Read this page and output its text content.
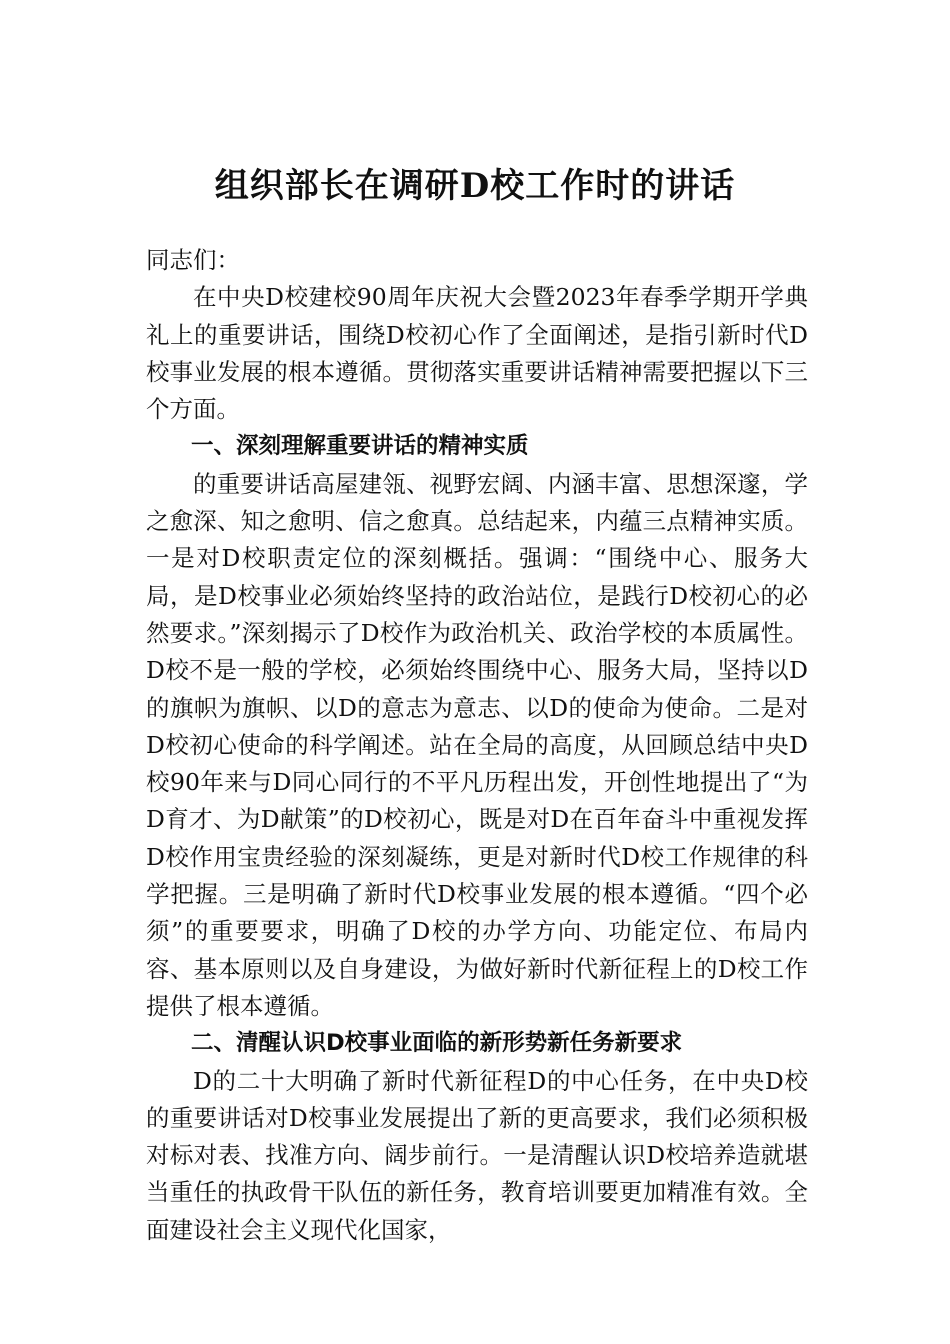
组织部长在调研D校工作时的讲话

同志们：

在中央D校建校90周年庆祝大会暨2023年春季学期开学典礼上的重要讲话，围绕D校初心作了全面阐述，是指引新时代D校事业发展的根本遵循。贯彻落实重要讲话精神需要把握以下三个方面。

一、深刻理解重要讲话的精神实质

的重要讲话高屋建瓴、视野宏阔、内涵丰富、思想深邃，学之愈深、知之愈明、信之愈真。总结起来，内蕴三点精神实质。一是对D校职责定位的深刻概括。强调：“围绕中心、服务大局，是D校事业必须始终坚持的政治站位，是践行D校初心的必然要求。”深刻揭示了D校作为政治机关、政治学校的本质属性。D校不是一般的学校，必须始终围绕中心、服务大局，坚持以D的旗帜为旗帜、以D的意志为意志、以D的使命为使命。二是对D校初心使命的科学阐述。站在全局的高度，从回顾总结中央D校90年来与D同心同行的不平凡历程出发，开创性地提出了“为D育才、为D献策”的D校初心，既是对D在百年奋斗中重视发挥D校作用宝贵经验的深刻凝练，更是对新时代D校工作规律的科学把握。三是明确了新时代D校事业发展的根本遵循。“四个必须”的重要要求，明确了D校的办学方向、功能定位、布局内容、基本原则以及自身建设，为做好新时代新征程上的D校工作提供了根本遵循。

二、清醒认识D校事业面临的新形势新任务新要求

D的二十大明确了新时代新征程D的中心任务，在中央D校的重要讲话对D校事业发展提出了新的更高要求，我们必须积极对标对表、找准方向、阔步前行。一是清醒认识D校培养造就堪当重任的执政骨干队伍的新任务，教育培训要更加精准有效。全面建设社会主义现代化国家，
